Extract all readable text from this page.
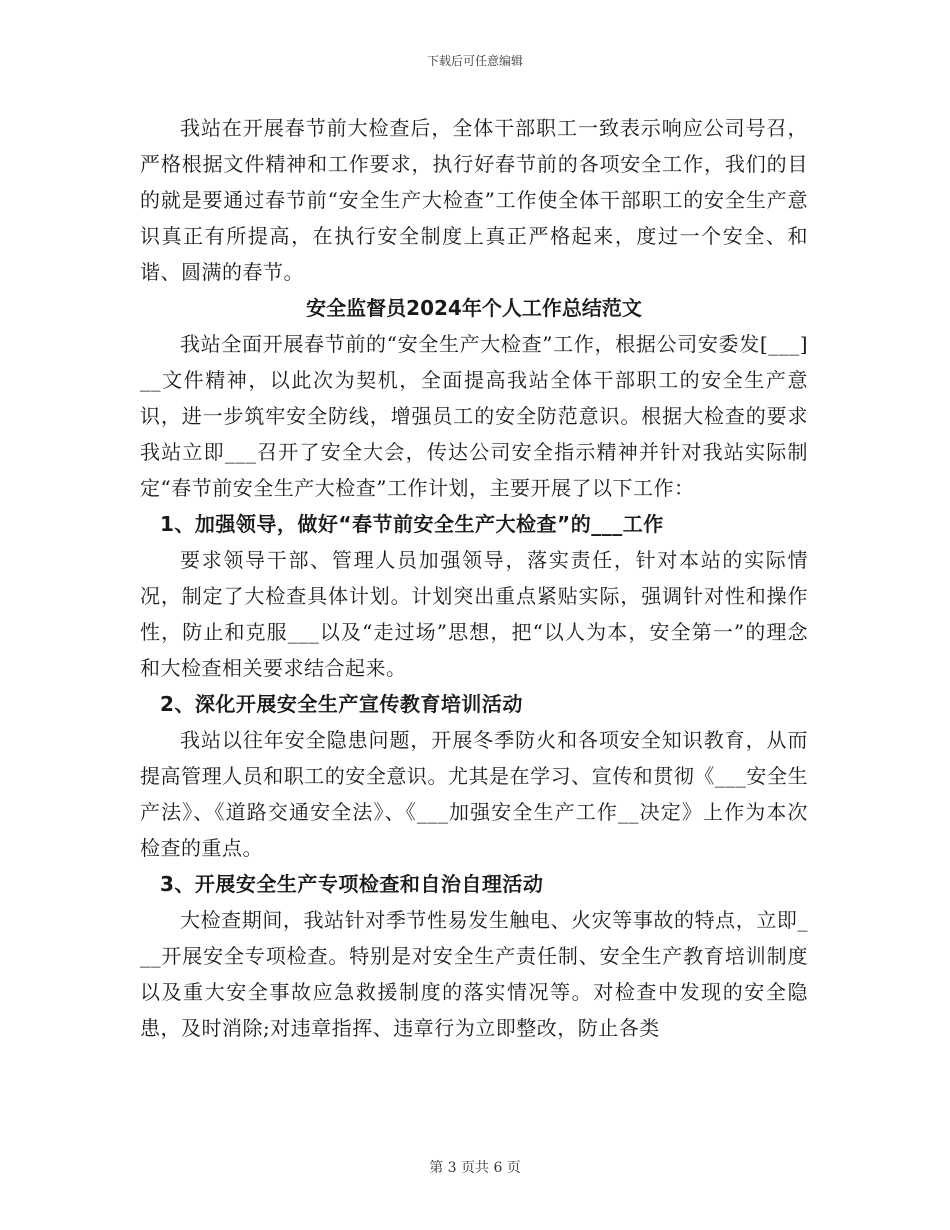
下载后可任意编辑

我站在开展春节前大检查后，全体干部职工一致表示响应公司号召，严格根据文件精神和工作要求，执行好春节前的各项安全工作，我们的目的就是要通过春节前“安全生产大检查”工作使全体干部职工的安全生产意识真正有所提高，在执行安全制度上真正严格起来，度过一个安全、和谐、圆满的春节。

安全监督员2024年个人工作总结范文

我站全面开展春节前的“安全生产大检查”工作，根据公司安委发[___]__文件精神，以此次为契机，全面提高我站全体干部职工的安全生产意识，进一步筑牢安全防线，增强员工的安全防范意识。根据大检查的要求我站立即___召开了安全大会，传达公司安全指示精神并针对我站实际制定“春节前安全生产大检查”工作计划，主要开展了以下工作：

1、加强领导，做好“春节前安全生产大检查”的___工作

要求领导干部、管理人员加强领导，落实责任，针对本站的实际情况，制定了大检查具体计划。计划突出重点紧贴实际，强调针对性和操作性，防止和克服___以及“走过场”思想，把“以人为本，安全第一”的理念和大检查相关要求结合起来。

2、深化开展安全生产宣传教育培训活动

我站以往年安全隐患问题，开展冬季防火和各项安全知识教育，从而提高管理人员和职工的安全意识。尤其是在学习、宣传和贯彻《___安全生产法》、《道路交通安全法》、《___加强安全生产工作__决定》上作为本次检查的重点。

3、开展安全生产专项检查和自治自理活动

大检查期间，我站针对季节性易发生触电、火灾等事故的特点，立即___开展安全专项检查。特别是对安全生产责任制、安全生产教育培训制度以及重大安全事故应急救援制度的落实情况等。对检查中发现的安全隐患，及时消除;对违章指挥、违章行为立即整改，防止各类

第 3 页共 6 页
